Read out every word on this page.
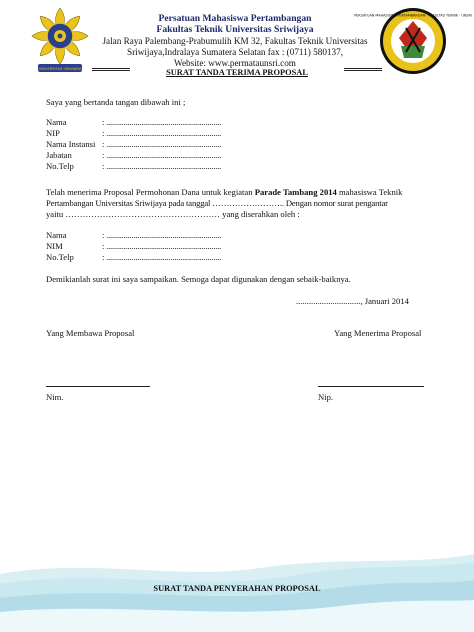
UNIVERSITAS SRIWIJAYA
Persatuan Mahasiswa Pertambangan
Fakultas Teknik Universitas Sriwijaya
Jalan Raya Palembang-Prabumulih KM 32, Fakultas Teknik Universitas
Sriwijaya,Indralaya Sumatera Selatan fax : (0711) 580137,
Website: www.permataunsri.com
PERSATUAN MAHASISWA PERTAMBANGAN · FAKULTAS TEKNIK · UNSRI
SURAT TANDA TERIMA PROPOSAL
Saya yang bertanda tangan dibawah ini ;
Nama	: ...........................................................
NIP	: ...........................................................
Nama Instansi : ...........................................................
Jabatan	: ...........................................................
No.Telp	: ...........................................................
Telah menerima Proposal Permohonan Dana untuk kegiatan Parade Tambang 2014 mahasiswa Teknik
Pertambangan Universitas Sriwijaya pada tanggal …………………….. Dengan nomor surat pengantar
yaitu ……………………………………………… yang diserahkan oleh :
Nama	: ...........................................................
NIM	: ...........................................................
No.Telp	: ...........................................................
Demikianlah surat ini saya sampaikan. Semoga dapat digunakan dengan sebaik-baiknya.
.............................., Januari 2014
Yang Membawa Proposal	Yang Menerima Proposal
Nim.	Nip.
SURAT TANDA PENYERAHAN PROPOSAL
